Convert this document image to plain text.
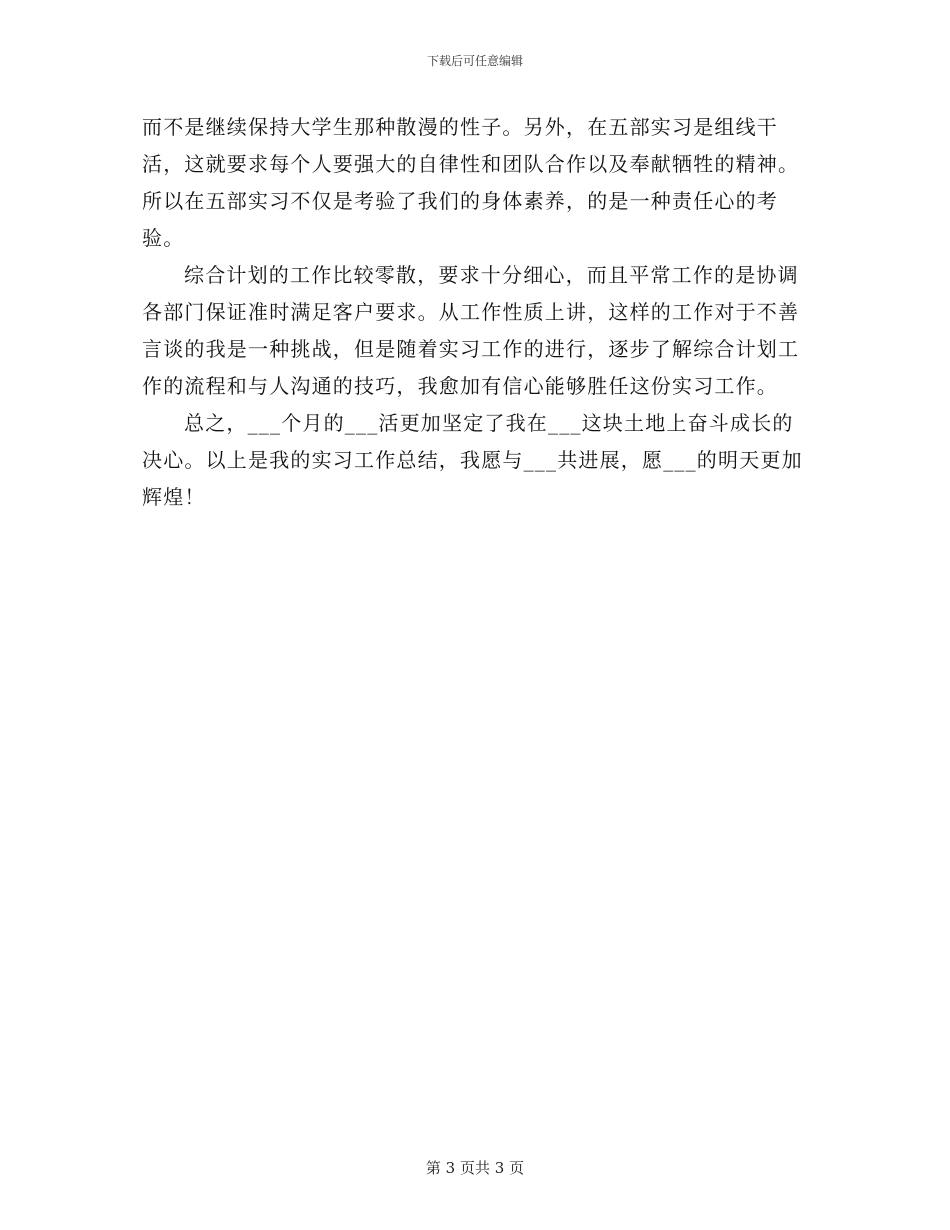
下载后可任意编辑

而不是继续保持大学生那种散漫的性子。另外，在五部实习是组线干活，这就要求每个人要强大的自律性和团队合作以及奉献牺牲的精神。所以在五部实习不仅是考验了我们的身体素养，的是一种责任心的考验。

综合计划的工作比较零散，要求十分细心，而且平常工作的是协调各部门保证准时满足客户要求。从工作性质上讲，这样的工作对于不善言谈的我是一种挑战，但是随着实习工作的进行，逐步了解综合计划工作的流程和与人沟通的技巧，我愈加有信心能够胜任这份实习工作。

总之，___个月的___活更加坚定了我在___这块土地上奋斗成长的决心。以上是我的实习工作总结，我愿与___共进展，愿___的明天更加辉煌！

第 3 页共 3 页
